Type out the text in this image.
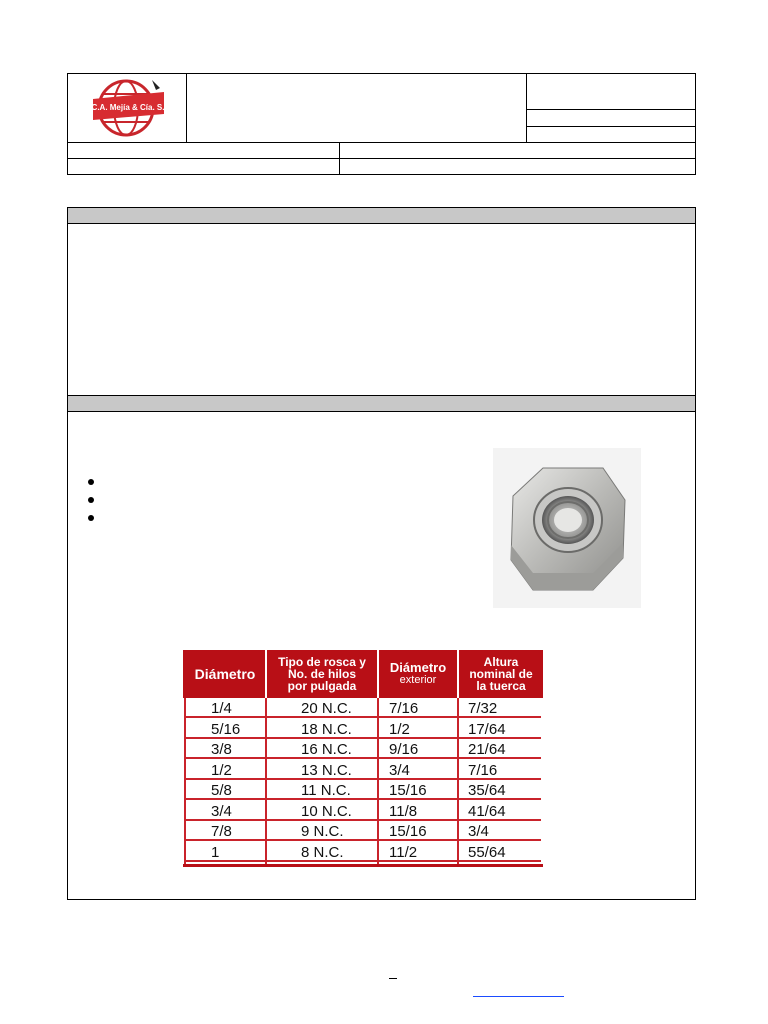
C.A. Mejía & Cía. S.
Diámetro
Tipo de rosca y
No. de hilos
por pulgada
Diámetro
exterior
Altura
nominal de
la tuerca
1/4	20 N.C. 7/16	7/32
5/16	18 N.C. 1/2	17/64
3/8	16 N.C. 9/16	21/64
1/2	13 N.C. 3/4	7/16
5/8	11 N.C.	15/16	35/64
3/4	10 N.C. 11/8	41/64
7/8	9 N.C.	15/16	3/4
1	8 N.C.	11/2	55/64
